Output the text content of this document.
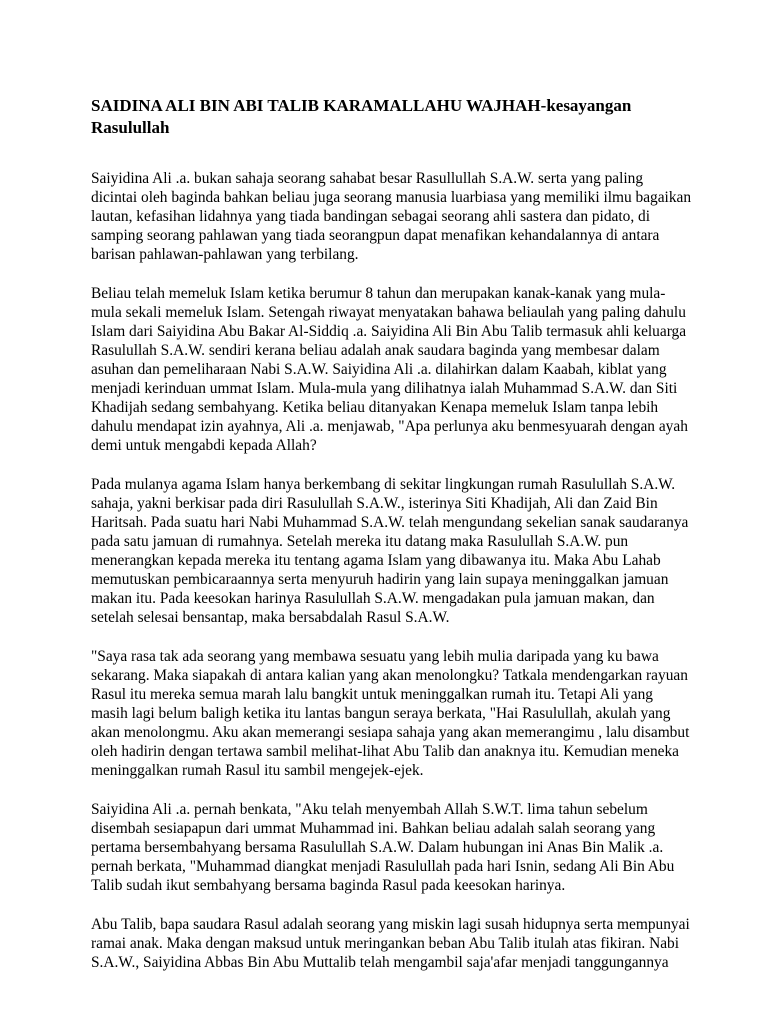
SAIDINA ALI BIN ABI TALIB KARAMALLAHU WAJHAH-kesayangan
Rasulullah

Saiyidina Ali .a. bukan sahaja seorang sahabat besar Rasullullah S.A.W. serta yang paling
dicintai oleh baginda bahkan beliau juga seorang manusia luarbiasa yang memiliki ilmu bagaikan
lautan, kefasihan lidahnya yang tiada bandingan sebagai seorang ahli sastera dan pidato, di
samping seorang pahlawan yang tiada seorangpun dapat menafikan kehandalannya di antara
barisan pahlawan-pahlawan yang terbilang.

Beliau telah memeluk Islam ketika berumur 8 tahun dan merupakan kanak-kanak yang mula-
mula sekali memeluk Islam. Setengah riwayat menyatakan bahawa beliaulah yang paling dahulu
Islam dari Saiyidina Abu Bakar Al-Siddiq .a. Saiyidina Ali Bin Abu Talib termasuk ahli keluarga
Rasulullah S.A.W. sendiri kerana beliau adalah anak saudara baginda yang membesar dalam
asuhan dan pemeliharaan Nabi S.A.W. Saiyidina Ali .a. dilahirkan dalam Kaabah, kiblat yang
menjadi kerinduan ummat Islam. Mula-mula yang dilihatnya ialah Muhammad S.A.W. dan Siti
Khadijah sedang sembahyang. Ketika beliau ditanyakan Kenapa memeluk Islam tanpa lebih
dahulu mendapat izin ayahnya, Ali .a. menjawab, "Apa perlunya aku benmesyuarah dengan ayah
demi untuk mengabdi kepada Allah?

Pada mulanya agama Islam hanya berkembang di sekitar lingkungan rumah Rasulullah S.A.W.
sahaja, yakni berkisar pada diri Rasulullah S.A.W., isterinya Siti Khadijah, Ali dan Zaid Bin
Haritsah. Pada suatu hari Nabi Muhammad S.A.W. telah mengundang sekelian sanak saudaranya
pada satu jamuan di rumahnya. Setelah mereka itu datang maka Rasulullah S.A.W. pun
menerangkan kepada mereka itu tentang agama Islam yang dibawanya itu. Maka Abu Lahab
memutuskan pembicaraannya serta menyuruh hadirin yang lain supaya meninggalkan jamuan
makan itu. Pada keesokan harinya Rasulullah S.A.W. mengadakan pula jamuan makan, dan
setelah selesai bensantap, maka bersabdalah Rasul S.A.W.

"Saya rasa tak ada seorang yang membawa sesuatu yang lebih mulia daripada yang ku bawa
sekarang. Maka siapakah di antara kalian yang akan menolongku? Tatkala mendengarkan rayuan
Rasul itu mereka semua marah lalu bangkit untuk meninggalkan rumah itu. Tetapi Ali yang
masih lagi belum baligh ketika itu lantas bangun seraya berkata, "Hai Rasulullah, akulah yang
akan menolongmu. Aku akan memerangi sesiapa sahaja yang akan memerangimu , lalu disambut
oleh hadirin dengan tertawa sambil melihat-lihat Abu Talib dan anaknya itu. Kemudian meneka
meninggalkan rumah Rasul itu sambil mengejek-ejek.

Saiyidina Ali .a. pernah benkata, "Aku telah menyembah Allah S.W.T. lima tahun sebelum
disembah sesiapapun dari ummat Muhammad ini. Bahkan beliau adalah salah seorang yang
pertama bersembahyang bersama Rasulullah S.A.W. Dalam hubungan ini Anas Bin Malik .a.
pernah berkata, "Muhammad diangkat menjadi Rasulullah pada hari Isnin, sedang Ali Bin Abu
Talib sudah ikut sembahyang bersama baginda Rasul pada keesokan harinya.

Abu Talib, bapa saudara Rasul adalah seorang yang miskin lagi susah hidupnya serta mempunyai
ramai anak. Maka dengan maksud untuk meringankan beban Abu Talib itulah atas fikiran. Nabi
S.A.W., Saiyidina Abbas Bin Abu Muttalib telah mengambil saja'afar menjadi tanggungannya
